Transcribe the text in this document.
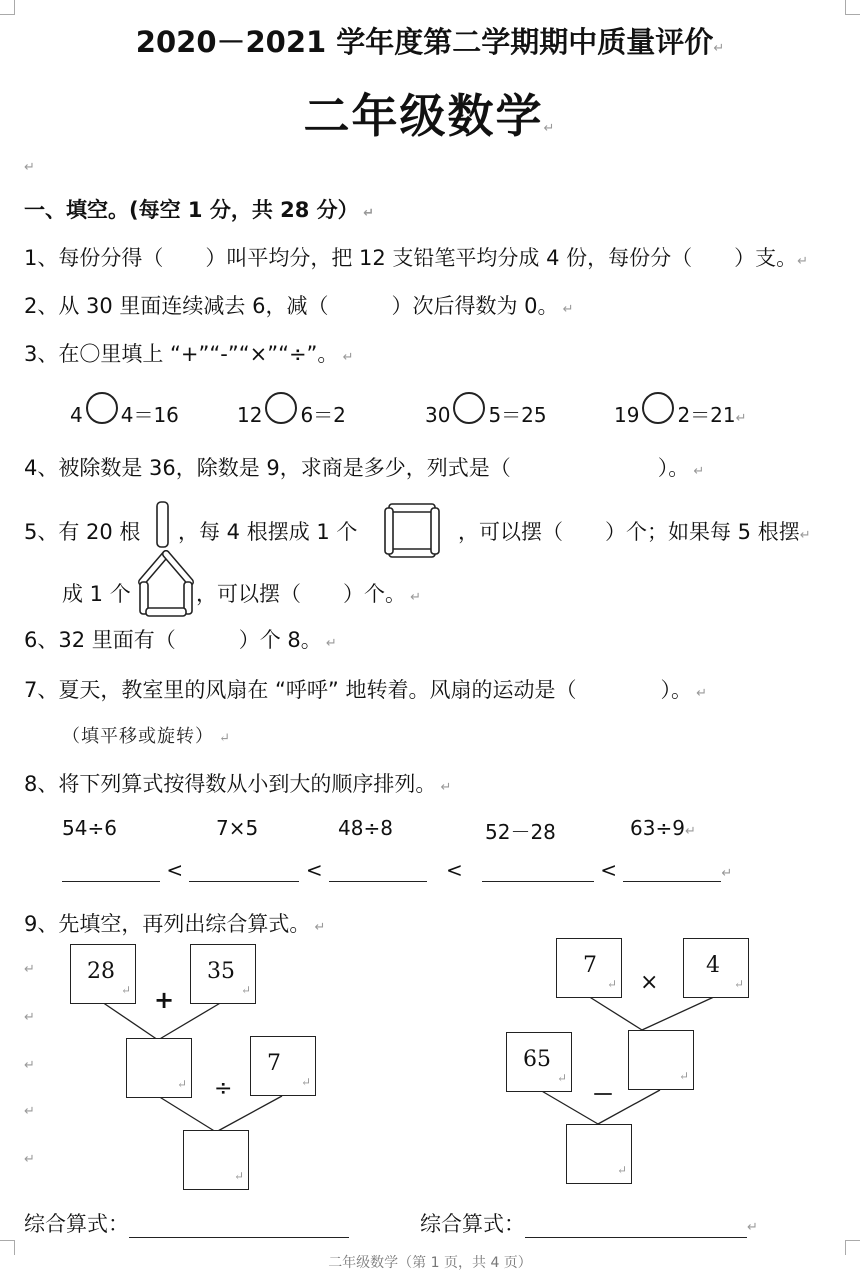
2020－2021 学年度第二学期期中质量评价↵
二年级数学↵
↵
一、填空。(每空 1 分，共 28 分） ↵
1、每份分得（　　）叫平均分，把 12 支铅笔平均分成 4 份，每份分（　　）支。↵
2、从 30 里面连续减去 6，减（　　　）次后得数为 0。 ↵
3、在〇里填上 “+”“-”“×”“÷”。 ↵
4 4＝16	12 6＝2	30 5＝25	19 2＝21↵
4、被除数是 36，除数是 9，求商是多少，列式是（　　　　　　　）。 ↵
5、有 20 根 ，每 4 根摆成 1 个	，可以摆（　　）个；如果每 5 根摆↵
成 1 个	，可以摆（　　）个。 ↵
6、32 里面有（　　　）个 8。 ↵
7、夏天，教室里的风扇在 “呼呼” 地转着。风扇的运动是（　　　　）。 ↵
（填平移或旋转） ↵
8、将下列算式按得数从小到大的顺序排列。 ↵
54÷6	7×5	48÷8	52－28	63÷9↵
<	<	<	<	↵
9、先填空，再列出综合算式。 ↵
↵
↵
↵
↵
↵
28
↵
35
↵
+
↵ ÷
7
↵
↵
7
↵ ×
4
↵
65
↵
－
↵
↵
综合算式：	综合算式：	↵
二年级数学（第 1 页，共 4 页）
